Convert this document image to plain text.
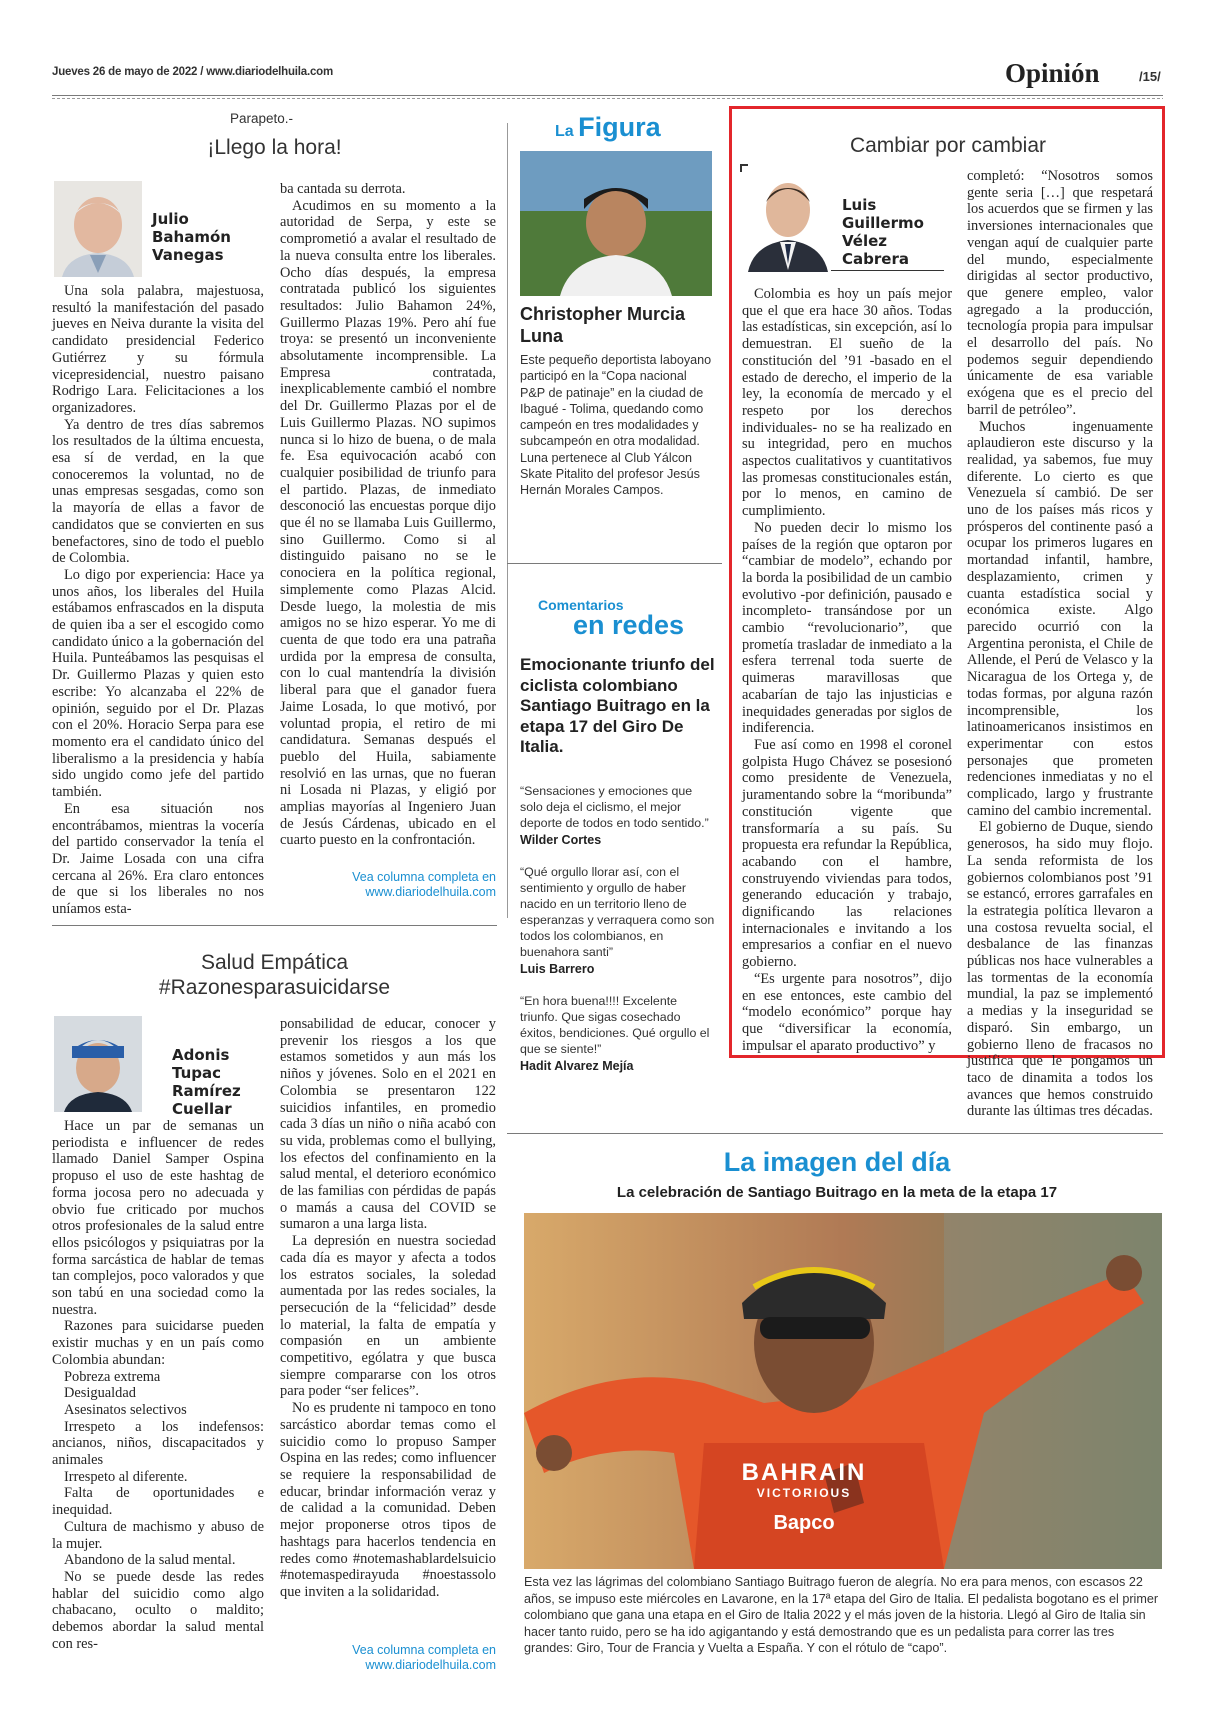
Jueves 26 de mayo de 2022 / www.diariodelhuila.com	Opinión	/15/
Parapeto.-
¡Llego la hora!
Julio
Bahamón
Vanegas

Una sola palabra, majestuosa, resultó la manifestación del pasado jueves en Neiva durante la visita del candidato presidencial Federico Gutiérrez y su fórmula vicepresidencial, nuestro paisano Rodrigo Lara. Felicitaciones a los organizadores.

Ya dentro de tres días sabremos los resultados de la última encuesta, esa sí de verdad, en la que conoceremos la voluntad, no de unas empresas sesgadas, como son la mayoría de ellas a favor de candidatos que se convierten en sus benefactores, sino de todo el pueblo de Colombia.

Lo digo por experiencia: Hace ya unos años, los liberales del Huila estábamos enfrascados en la disputa de quien iba a ser el escogido como candidato único a la gobernación del Huila. Punteábamos las pesquisas el Dr. Guillermo Plazas y quien esto escribe: Yo alcanzaba el 22% de opinión, seguido por el Dr. Plazas con el 20%. Horacio Serpa para ese momento era el candidato único del liberalismo a la presidencia y había sido ungido como jefe del partido también.

En esa situación nos encontrábamos, mientras la vocería del partido conservador la tenía el Dr. Jaime Losada con una cifra cercana al 26%. Era claro entonces de que si los liberales no nos uníamos esta-

ba cantada su derrota.

Acudimos en su momento a la autoridad de Serpa, y este se comprometió a avalar el resultado de la nueva consulta entre los liberales. Ocho días después, la empresa contratada publicó los siguientes resultados: Julio Bahamon 24%, Guillermo Plazas 19%. Pero ahí fue troya: se presentó un inconveniente absolutamente incomprensible. La Empresa contratada, inexplicablemente cambió el nombre del Dr. Guillermo Plazas por el de Luis Guillermo Plazas. NO supimos nunca si lo hizo de buena, o de mala fe. Esa equivocación acabó con cualquier posibilidad de triunfo para el partido. Plazas, de inmediato desconoció las encuestas porque dijo que él no se llamaba Luis Guillermo, sino Guillermo. Como si al distinguido paisano no se le conociera en la política regional, simplemente como Plazas Alcid. Desde luego, la molestia de mis amigos no se hizo esperar. Yo me di cuenta de que todo era una patraña urdida por la empresa de consulta, con lo cual mantendría la división liberal para que el ganador fuera Jaime Losada, lo que motivó, por voluntad propia, el retiro de mi candidatura. Semanas después el pueblo del Huila, sabiamente resolvió en las urnas, que no fueran ni Losada ni Plazas, y eligió por amplias mayorías al Ingeniero Juan de Jesús Cárdenas, ubicado en el cuarto puesto en la confrontación.

Vea columna completa en
www.diariodelhuila.com
Salud Empática
#Razonesparasuicidarse
Adonis
Tupac
Ramírez
Cuellar

Hace un par de semanas un periodista e influencer de redes llamado Daniel Samper Ospina propuso el uso de este hashtag de forma jocosa pero no adecuada y obvio fue criticado por muchos otros profesionales de la salud entre ellos psicólogos y psiquiatras por la forma sarcástica de hablar de temas tan complejos, poco valorados y que son tabú en una sociedad como la nuestra.

Razones para suicidarse pueden existir muchas y en un país como Colombia abundan:

Pobreza extrema

Desigualdad

Asesinatos selectivos

Irrespeto a los indefensos: ancianos, niños, discapacitados y animales

Irrespeto al diferente.

Falta de oportunidades e inequidad.

Cultura de machismo y abuso de la mujer.

Abandono de la salud mental.

No se puede desde las redes hablar del suicidio como algo chabacano, oculto o maldito; debemos abordar la salud mental con res-

ponsabilidad de educar, conocer y prevenir los riesgos a los que estamos sometidos y aun más los niños y jóvenes. Solo en el 2021 en Colombia se presentaron 122 suicidios infantiles, en promedio cada 3 días un niño o niña acabó con su vida, problemas como el bullying, los efectos del confinamiento en la salud mental, el deterioro económico de las familias con pérdidas de papás o mamás a causa del COVID se sumaron a una larga lista.

La depresión en nuestra sociedad cada día es mayor y afecta a todos los estratos sociales, la soledad aumentada por las redes sociales, la persecución de la “felicidad” desde lo material, la falta de empatía y compasión en un ambiente competitivo, ególatra y que busca siempre compararse con los otros para poder “ser felices”.

No es prudente ni tampoco en tono sarcástico abordar temas como el suicidio como lo propuso Samper Ospina en las redes; como influencer se requiere la responsabilidad de educar, brindar información veraz y de calidad a la comunidad. Deben mejor proponerse otros tipos de hashtags para hacerlos tendencia en redes como #notemashablardelsuicio #notemaspedirayuda #noestassolo que inviten a la solidaridad.

Vea columna completa en
www.diariodelhuila.com
La Figura
Christopher Murcia Luna
Este pequeño deportista laboyano participó en la “Copa nacional P&P de patinaje” en la ciudad de Ibagué - Tolima, quedando como campeón en tres modalidades y subcampeón en otra modalidad. Luna pertenece al Club Yálcon Skate Pitalito del profesor Jesús Hernán Morales Campos.
Comentarios
en redes
Emocionante triunfo del ciclista colombiano Santiago Buitrago en la etapa 17 del Giro De Italia.
“Sensaciones y emociones que solo deja el ciclismo, el mejor deporte de todos en todo sentido.”
Wilder Cortes
“Qué orgullo llorar así, con el sentimiento y orgullo de haber nacido en un territorio lleno de esperanzas y verraquera como son todos los colombianos, en buenahora santi”
Luis Barrero
“En hora buena!!!! Excelente triunfo. Que sigas cosechado éxitos, bendiciones. Qué orgullo el que se siente!”
Hadit Alvarez Mejía
Cambiar por cambiar
Luis
Guillermo
Vélez
Cabrera

Colombia es hoy un país mejor que el que era hace 30 años. Todas las estadísticas, sin excepción, así lo demuestran. El sueño de la constitución del ’91 -basado en el estado de derecho, el imperio de la ley, la economía de mercado y el respeto por los derechos individuales- no se ha realizado en su integridad, pero en muchos aspectos cualitativos y cuantitativos las promesas constitucionales están, por lo menos, en camino de cumplimiento.

No pueden decir lo mismo los países de la región que optaron por “cambiar de modelo”, echando por la borda la posibilidad de un cambio evolutivo -por definición, pausado e incompleto- transándose por un cambio “revolucionario”, que prometía trasladar de inmediato a la esfera terrenal toda suerte de quimeras maravillosas que acabarían de tajo las injusticias e inequidades generadas por siglos de indiferencia.

Fue así como en 1998 el coronel golpista Hugo Chávez se posesionó como presidente de Venezuela, juramentando sobre la “moribunda” constitución vigente que transformaría a su país. Su propuesta era refundar la República, acabando con el hambre, construyendo viviendas para todos, generando educación y trabajo, dignificando las relaciones internacionales e invitando a los empresarios a confiar en el nuevo gobierno.

“Es urgente para nosotros”, dijo en ese entonces, este cambio del “modelo económico” porque hay que “diversificar la economía, impulsar el aparato productivo” y

completó: “Nosotros somos gente seria […] que respetará los acuerdos que se firmen y las inversiones internacionales que vengan aquí de cualquier parte del mundo, especialmente dirigidas al sector productivo, que genere empleo, valor agregado a la producción, tecnología propia para impulsar el desarrollo del país. No podemos seguir dependiendo únicamente de esa variable exógena que es el precio del barril de petróleo”.

Muchos ingenuamente aplaudieron este discurso y la realidad, ya sabemos, fue muy diferente. Lo cierto es que Venezuela sí cambió. De ser uno de los países más ricos y prósperos del continente pasó a ocupar los primeros lugares en mortandad infantil, hambre, desplazamiento, crimen y cuanta estadística social y económica existe. Algo parecido ocurrió con la Argentina peronista, el Chile de Allende, el Perú de Velasco y la Nicaragua de los Ortega y, de todas formas, por alguna razón incomprensible, los latinoamericanos insistimos en experimentar con estos personajes que prometen redenciones inmediatas y no el complicado, largo y frustrante camino del cambio incremental.

El gobierno de Duque, siendo generosos, ha sido muy flojo. La senda reformista de los gobiernos colombianos post ’91 se estancó, errores garrafales en la estrategia política llevaron a una costosa revuelta social, el desbalance de las finanzas públicas nos hace vulnerables a las tormentas de la economía mundial, la paz se implementó a medias y la inseguridad se disparó. Sin embargo, un gobierno lleno de fracasos no justifica que le pongamos un taco de dinamita a todos los avances que hemos construido durante las últimas tres décadas.

La imagen del día
La celebración de Santiago Buitrago en la meta de la etapa 17
BAHRAIN
VICTORIOUS
Bapco
Esta vez las lágrimas del colombiano Santiago Buitrago fueron de alegría. No era para menos, con escasos 22 años, se impuso este miércoles en Lavarone, en la 17ª etapa del Giro de Italia. El pedalista bogotano es el primer colombiano que gana una etapa en el Giro de Italia 2022 y el más joven de la historia. Llegó al Giro de Italia sin hacer tanto ruido, pero se ha ido agigantando y está demostrando que es un pedalista para correr las tres grandes: Giro, Tour de Francia y Vuelta a España. Y con el rótulo de “capo”.
